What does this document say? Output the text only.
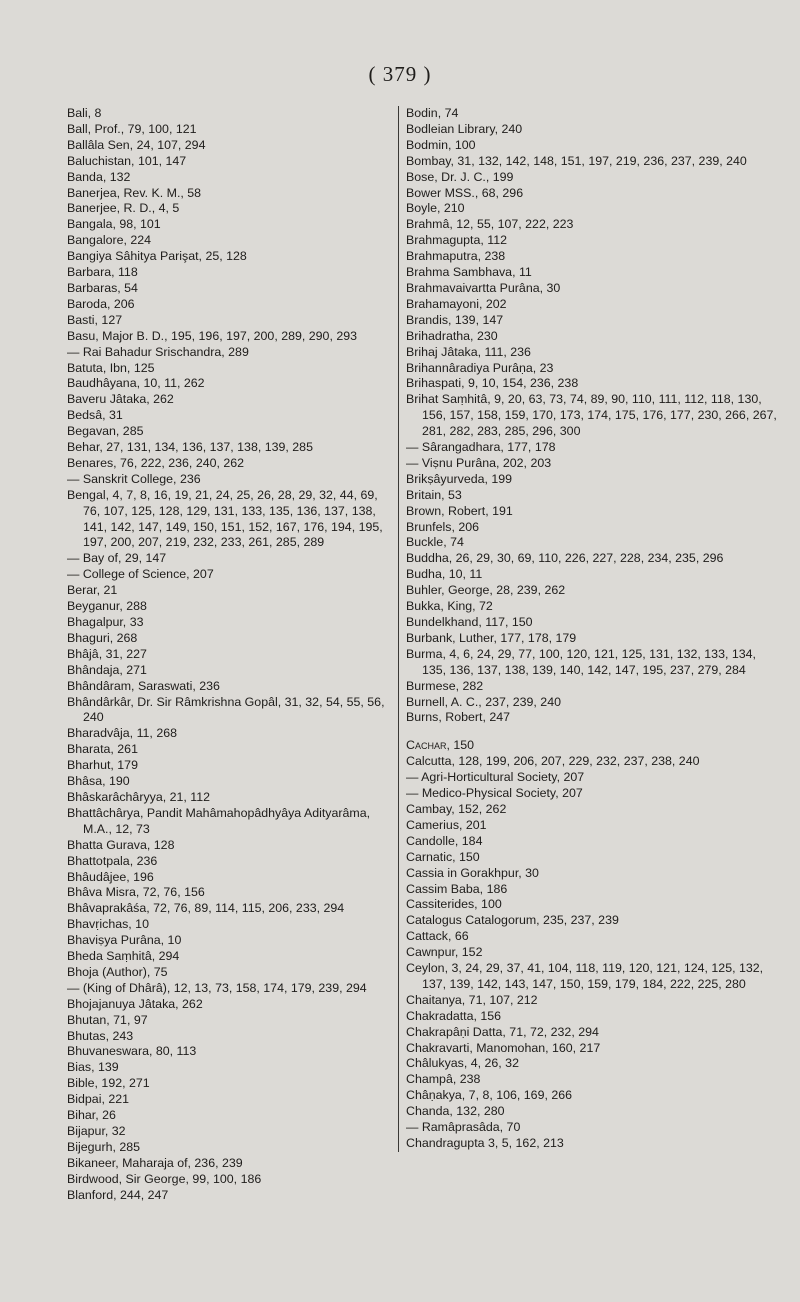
( 379 )
Bali, 8
Ball, Prof., 79, 100, 121
Ballâla Sen, 24, 107, 294
Baluchistan, 101, 147
Banda, 132
Banerjea, Rev. K. M., 58
Banerjee, R. D., 4, 5
Bangala, 98, 101
Bangalore, 224
Bangiya Sâhitya Parişat, 25, 128
Barbara, 118
Barbaras, 54
Baroda, 206
Basti, 127
Basu, Major B. D., 195, 196, 197, 200, 289, 290, 293
— Rai Bahadur Srischandra, 289
Batuta, Ibn, 125
Baudhâyana, 10, 11, 262
Baveru Jâtaka, 262
Bedsâ, 31
Begavan, 285
Behar, 27, 131, 134, 136, 137, 138, 139, 285
Benares, 76, 222, 236, 240, 262
— Sanskrit College, 236
Bengal, 4, 7, 8, 16, 19, 21, 24, 25, 26, 28, 29, 32, 44, 69, 76, 107, 125, 128, 129, 131, 133, 135, 136, 137, 138, 141, 142, 147, 149, 150, 151, 152, 167, 176, 194, 195, 197, 200, 207, 219, 232, 233, 261, 285, 289
— Bay of, 29, 147
— College of Science, 207
Berar, 21
Beyganur, 288
Bhagalpur, 33
Bhaguri, 268
Bhâjâ, 31, 227
Bhândaja, 271
Bhândâram, Saraswati, 236
Bhândârkâr, Dr. Sir Râmkrishna Gopâl, 31, 32, 54, 55, 56, 240
Bharadvâja, 11, 268
Bharata, 261
Bharhut, 179
Bhâsa, 190
Bhâskarâchâryya, 21, 112
Bhattâchârya, Pandit Mahâmahopâdhyâya Adityarâma, M.A., 12, 73
Bhatta Gurava, 128
Bhattotpala, 236
Bhâudâjee, 196
Bhâva Misra, 72, 76, 156
Bhâvaprakâśa, 72, 76, 89, 114, 115, 206, 233, 294
Bhavṛichas, 10
Bhaviṣya Purâna, 10
Bheda Saṃhitâ, 294
Bhoja (Author), 75
— (King of Dhârâ), 12, 13, 73, 158, 174, 179, 239, 294
Bhojajanuya Jâtaka, 262
Bhutan, 71, 97
Bhutas, 243
Bhuvaneswara, 80, 113
Bias, 139
Bible, 192, 271
Bidpai, 221
Bihar, 26
Bijapur, 32
Bijegurh, 285
Bikaneer, Maharaja of, 236, 239
Birdwood, Sir George, 99, 100, 186
Blanford, 244, 247
Bodin, 74
Bodleian Library, 240
Bodmin, 100
Bombay, 31, 132, 142, 148, 151, 197, 219, 236, 237, 239, 240
Bose, Dr. J. C., 199
Bower MSS., 68, 296
Boyle, 210
Brahmâ, 12, 55, 107, 222, 223
Brahmagupta, 112
Brahmaputra, 238
Brahma Sambhava, 11
Brahmavaivartta Purâna, 30
Brahamayoni, 202
Brandis, 139, 147
Brihadratha, 230
Brihaj Jâtaka, 111, 236
Brihannâradiya Purâṇa, 23
Brihaspati, 9, 10, 154, 236, 238
Brihat Saṃhitâ, 9, 20, 63, 73, 74, 89, 90, 110, 111, 112, 118, 130, 156, 157, 158, 159, 170, 173, 174, 175, 176, 177, 230, 266, 267, 281, 282, 283, 285, 296, 300
— Sârangadhara, 177, 178
— Viṣnu Purâna, 202, 203
Brikṣâyurveda, 199
Britain, 53
Brown, Robert, 191
Brunfels, 206
Buckle, 74
Buddha, 26, 29, 30, 69, 110, 226, 227, 228, 234, 235, 296
Budha, 10, 11
Buhler, George, 28, 239, 262
Bukka, King, 72
Bundelkhand, 117, 150
Burbank, Luther, 177, 178, 179
Burma, 4, 6, 24, 29, 77, 100, 120, 121, 125, 131, 132, 133, 134, 135, 136, 137, 138, 139, 140, 142, 147, 195, 237, 279, 284
Burmese, 282
Burnell, A. C., 237, 239, 240
Burns, Robert, 247
Cachar, 150
Calcutta, 128, 199, 206, 207, 229, 232, 237, 238, 240
— Agri-Horticultural Society, 207
— Medico-Physical Society, 207
Cambay, 152, 262
Camerius, 201
Candolle, 184
Carnatic, 150
Cassia in Gorakhpur, 30
Cassim Baba, 186
Cassiterides, 100
Catalogus Catalogorum, 235, 237, 239
Cattack, 66
Cawnpur, 152
Ceylon, 3, 24, 29, 37, 41, 104, 118, 119, 120, 121, 124, 125, 132, 137, 139, 142, 143, 147, 150, 159, 179, 184, 222, 225, 280
Chaitanya, 71, 107, 212
Chakradatta, 156
Chakrapâṇi Datta, 71, 72, 232, 294
Chakravarti, Manomohan, 160, 217
Châlukyas, 4, 26, 32
Champâ, 238
Châṇakya, 7, 8, 106, 169, 266
Chanda, 132, 280
— Ramâprasâda, 70
Chandragupta 3, 5, 162, 213
